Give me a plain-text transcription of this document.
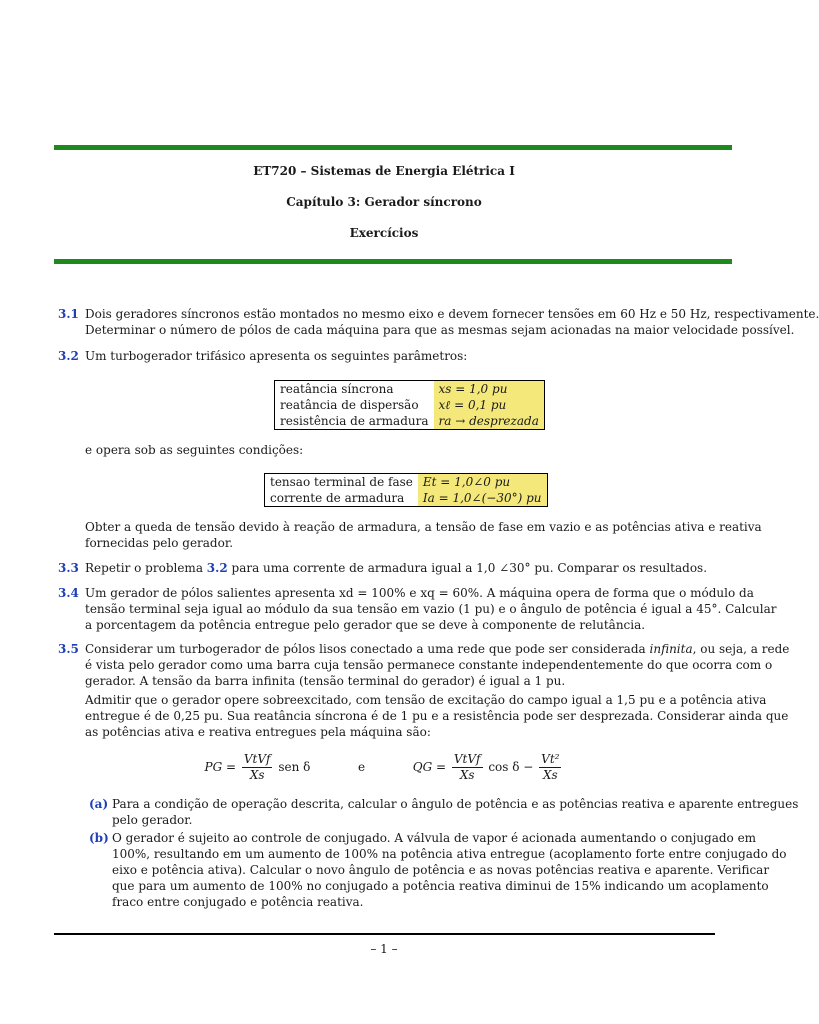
ET720 – Sistemas de Energia Elétrica I
Capítulo 3: Gerador síncrono
Exercícios
3.1 Dois geradores síncronos estão montados no mesmo eixo e devem fornecer tensões em 60 Hz e 50 Hz, respectivamente.
Determinar o número de pólos de cada máquina para que as mesmas sejam acionadas na maior velocidade possível.
3.2 Um turbogerador trifásico apresenta os seguintes parâmetros:
reatância síncrona	xs = 1,0 pu
reatância de dispersão	xℓ = 0,1 pu
resistência de armadura	ra → desprezada
e opera sob as seguintes condições:
tensao terminal de fase	Et = 1,0∠0 pu
corrente de armadura	Ia = 1,0∠(−30°) pu
Obter a queda de tensão devido à reação de armadura, a tensão de fase em vazio e as potências ativa e reativa
fornecidas pelo gerador.
3.3 Repetir o problema 3.2 para uma corrente de armadura igual a 1,0 ∠30° pu. Comparar os resultados.
3.4 Um gerador de pólos salientes apresenta xd = 100% e xq = 60%. A máquina opera de forma que o módulo da
tensão terminal seja igual ao módulo da sua tensão em vazio (1 pu) e o ângulo de potência é igual a 45°. Calcular
a porcentagem da potência entregue pelo gerador que se deve à componente de relutância.
3.5 Considerar um turbogerador de pólos lisos conectado a uma rede que pode ser considerada infinita, ou seja, a rede
é vista pelo gerador como uma barra cuja tensão permanece constante independentemente do que ocorra com o
gerador. A tensão da barra infinita (tensão terminal do gerador) é igual a 1 pu.
Admitir que o gerador opere sobreexcitado, com tensão de excitação do campo igual a 1,5 pu e a potência ativa
entregue é de 0,25 pu. Sua reatância síncrona é de 1 pu e a resistência pode ser desprezada. Considerar ainda que
as potências ativa e reativa entregues pela máquina são:
PG = $\frac{\text{VtVf}}{Xs}$ sen δ	e	QG = $\frac{\text{VtVf}}{Xs}$ $\cos \delta - \frac{\text{Vt²}}{Xs}$
(a) Para a condição de operação descrita, calcular o ângulo de potência e as potências reativa e aparente entregues
pelo gerador.
(b) O gerador é sujeito ao controle de conjugado. A válvula de vapor é acionada aumentando o conjugado em
100%, resultando em um aumento de 100% na potência ativa entregue (acoplamento forte entre conjugado do
eixo e potência ativa). Calcular o novo ângulo de potência e as novas potências reativa e aparente. Verificar
que para um aumento de 100% no conjugado a potência reativa diminui de 15% indicando um acoplamento
fraco entre conjugado e potência reativa.
– 1 –
